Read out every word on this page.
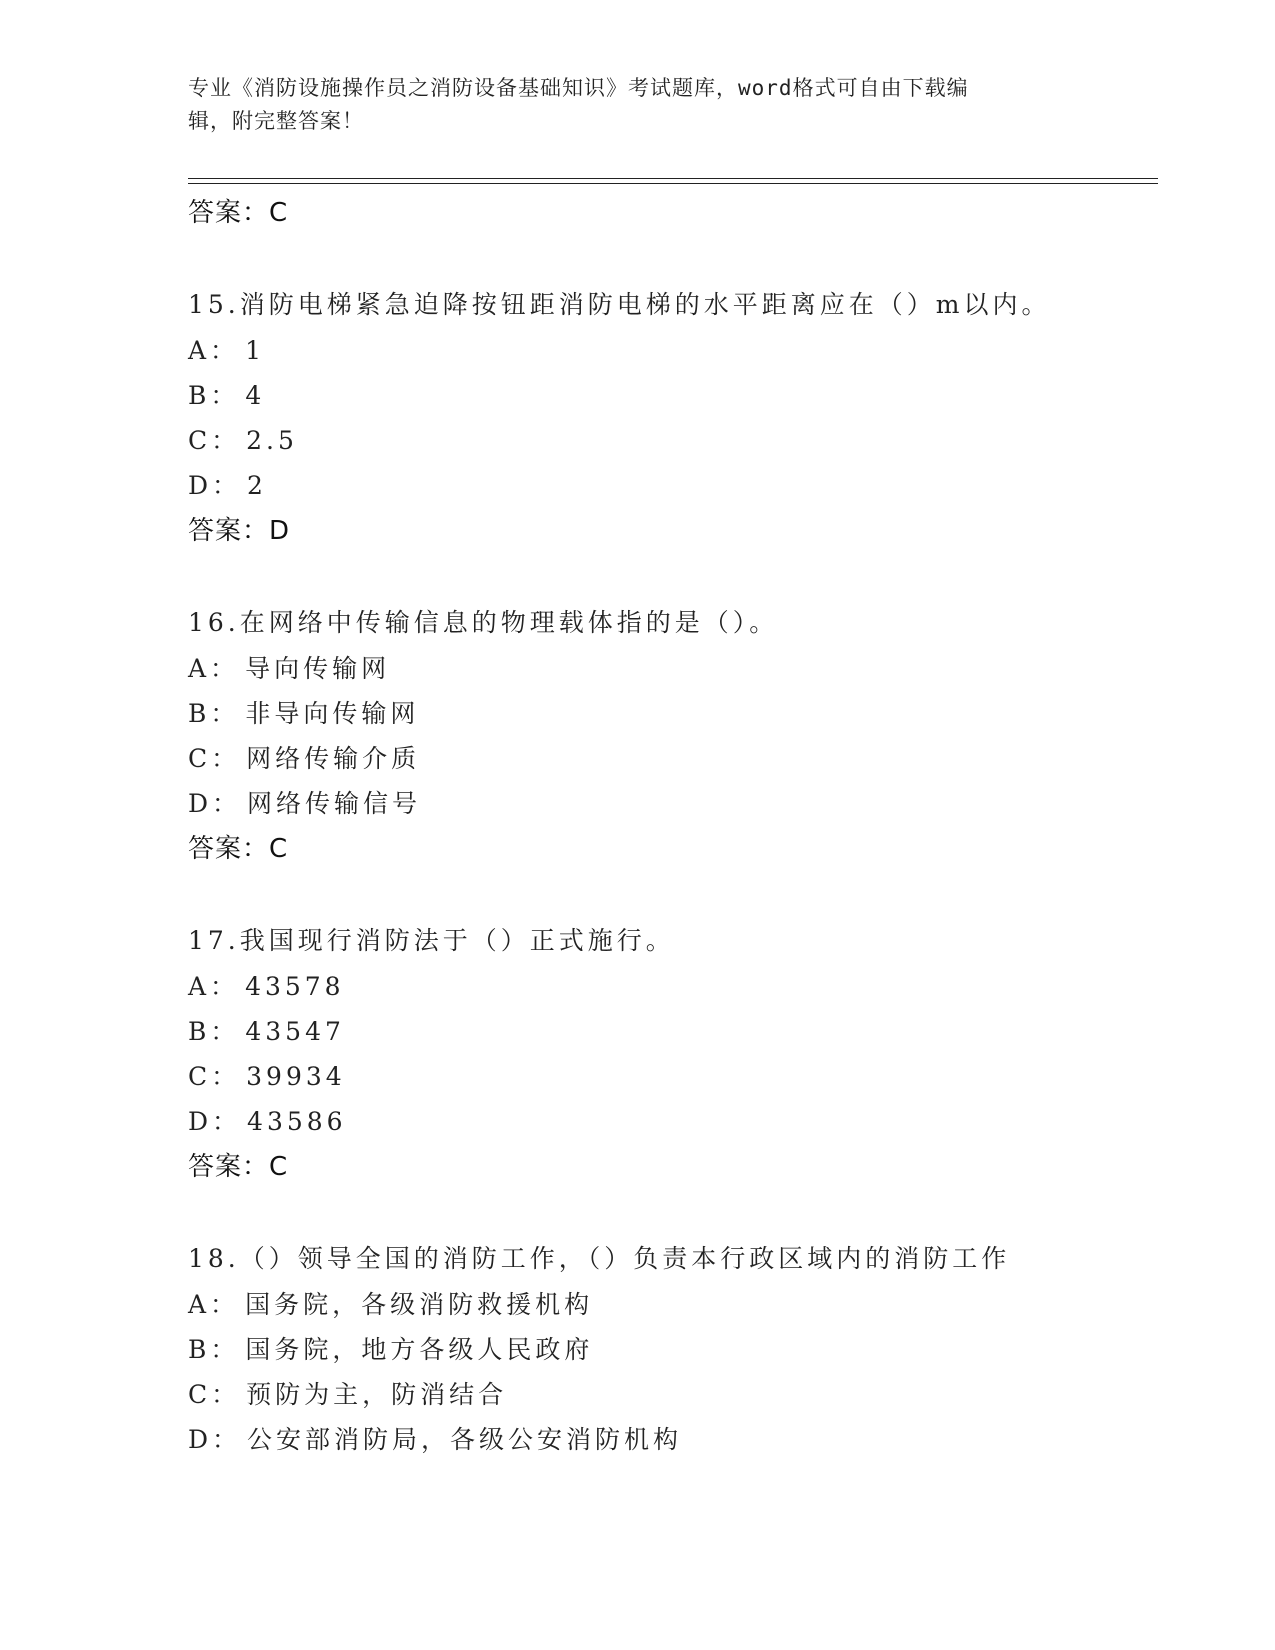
专业《消防设施操作员之消防设备基础知识》考试题库，word格式可自由下载编
辑，附完整答案！
答案：C
15.消防电梯紧急迫降按钮距消防电梯的水平距离应在（）m以内。
A： 1
B： 4
C： 2.5
D： 2
答案：D
16.在网络中传输信息的物理载体指的是（）。
A： 导向传输网
B： 非导向传输网
C： 网络传输介质
D： 网络传输信号
答案：C
17.我国现行消防法于（）正式施行。
A： 43578
B： 43547
C： 39934
D： 43586
答案：C
18.（）领导全国的消防工作，（）负责本行政区域内的消防工作
A： 国务院，各级消防救援机构
B： 国务院，地方各级人民政府
C： 预防为主，防消结合
D： 公安部消防局，各级公安消防机构
